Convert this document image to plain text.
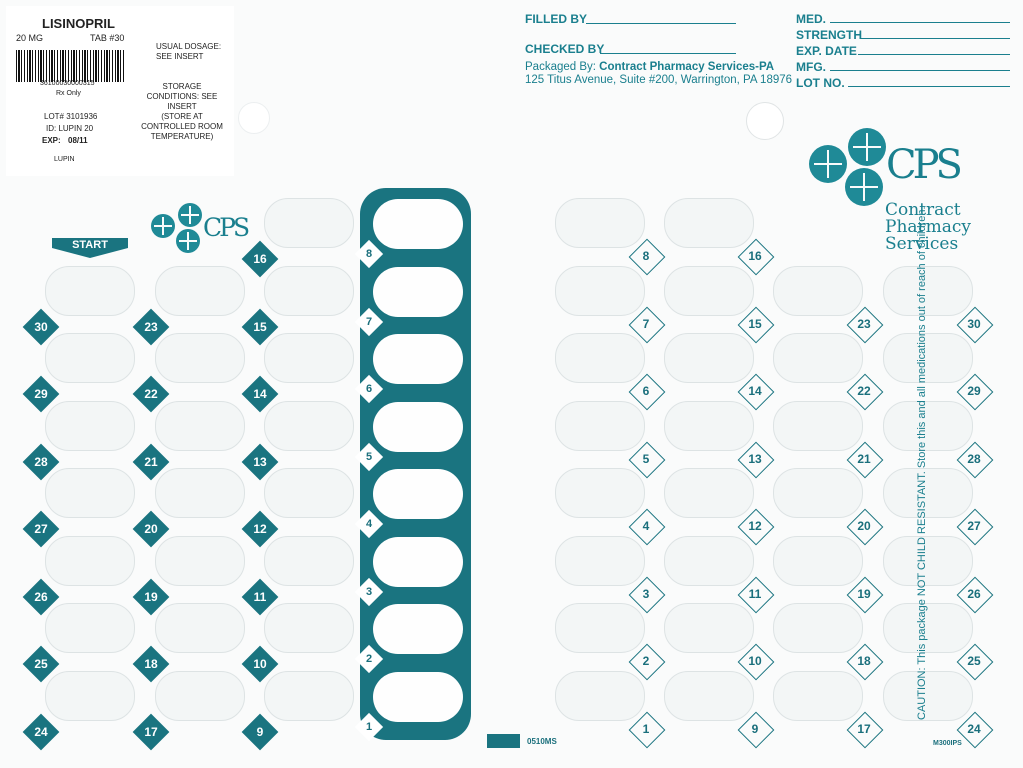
LISINOPRIL
20 MG	TAB #30
36100030000315
Rx Only
LOT# 3101936
ID: LUPIN 20
EXP: 08/11
LUPIN
USUAL DOSAGE:
SEE INSERT
STORAGE
CONDITIONS: SEE
INSERT
(STORE AT
CONTROLLED ROOM
TEMPERATURE)
FILLED BY
CHECKED BY
Packaged By: Contract Pharmacy Services-PA
125 Titus Avenue, Suite #200, Warrington, PA 18976
MED.
STRENGTH
EXP. DATE
MFG.
LOT NO.
CPS
Contract
Pharmacy
Services
CPS
START
30
29
28
27
26
25
24
23
22
21
20
19
18
17
16
15
14
13
12
11
10
9
8
7
6
5
4
3
2
1
8
7
6
5
4
3
2
1
16
15
14
13
12
11
10
9
23
22
21
20
19
18
17
30
29
28
27
26
25
24
0510MS	M300IPS
CAUTION: This package NOT CHILD RESISTANT. Store this and all medications out of reach of children.
